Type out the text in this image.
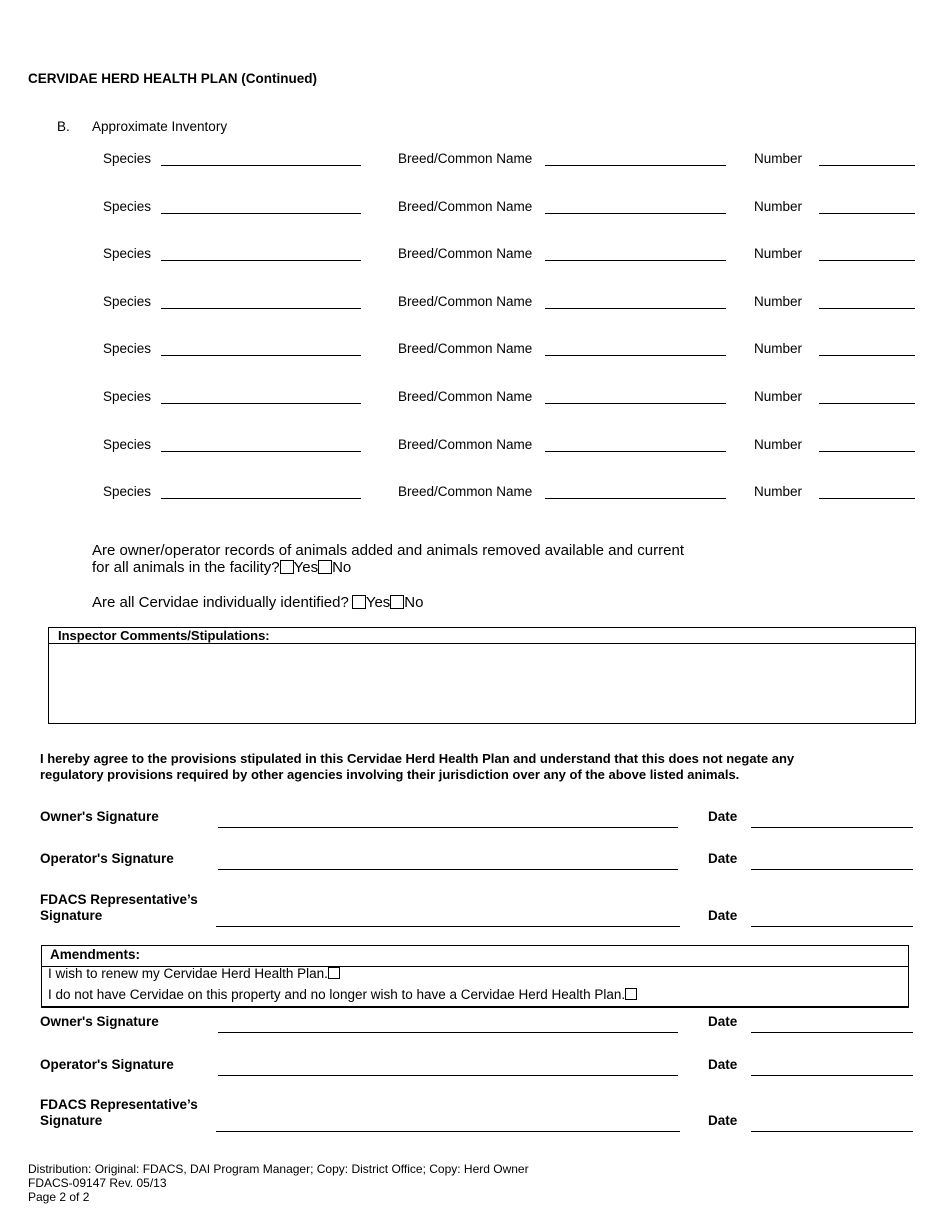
CERVIDAE HERD HEALTH PLAN (Continued)
B. Approximate Inventory
Species	Breed/Common Name	Number
Species	Breed/Common Name	Number
Species	Breed/Common Name	Number
Species	Breed/Common Name	Number
Species	Breed/Common Name	Number
Species	Breed/Common Name	Number
Species	Breed/Common Name	Number
Species	Breed/Common Name	Number
Are owner/operator records of animals added and animals removed available and current
for all animals in the facility? Yes No
Are all Cervidae individually identified? Yes No
Inspector Comments/Stipulations:
I hereby agree to the provisions stipulated in this Cervidae Herd Health Plan and understand that this does not negate any
regulatory provisions required by other agencies involving their jurisdiction over any of the above listed animals.
Owner's Signature	Date
Operator's Signature	Date
FDACS Representative’s
Signature	Date
Amendments:
I wish to renew my Cervidae Herd Health Plan.
I do not have Cervidae on this property and no longer wish to have a Cervidae Herd Health Plan.
Owner's Signature	Date
Operator's Signature	Date
FDACS Representative’s
Signature	Date
Distribution: Original: FDACS, DAI Program Manager; Copy: District Office; Copy: Herd Owner
FDACS-09147 Rev. 05/13
Page 2 of 2
